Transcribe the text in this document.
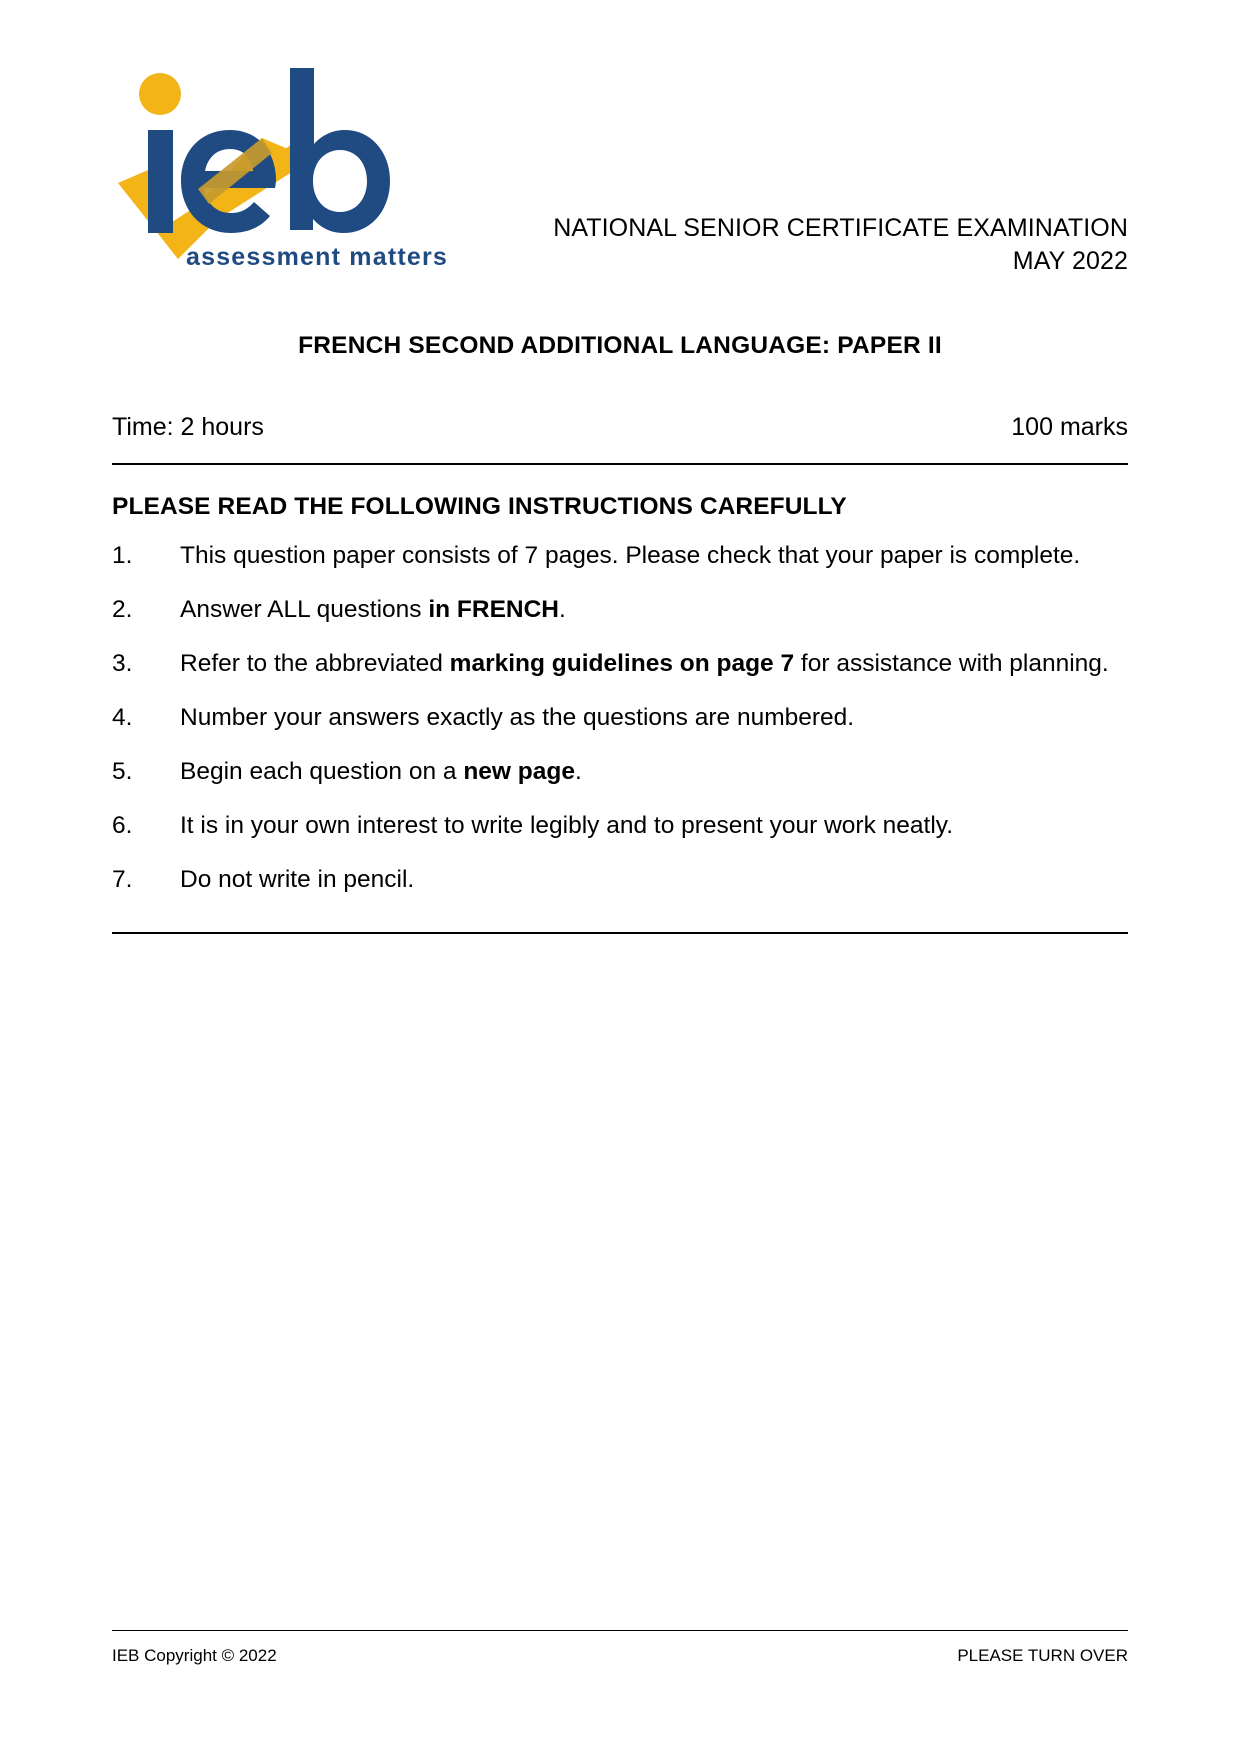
assessment matters
NATIONAL SENIOR CERTIFICATE EXAMINATION
MAY 2022
FRENCH SECOND ADDITIONAL LANGUAGE: PAPER II
Time: 2 hours	100 marks
PLEASE READ THE FOLLOWING INSTRUCTIONS CAREFULLY
1.	This question paper consists of 7 pages. Please check that your paper is complete.
2.	Answer ALL questions in FRENCH.
3.	Refer to the abbreviated marking guidelines on page 7 for assistance with planning.
4.	Number your answers exactly as the questions are numbered.
5.	Begin each question on a new page.
6.	It is in your own interest to write legibly and to present your work neatly.
7.	Do not write in pencil.
IEB Copyright © 2022	PLEASE TURN OVER
